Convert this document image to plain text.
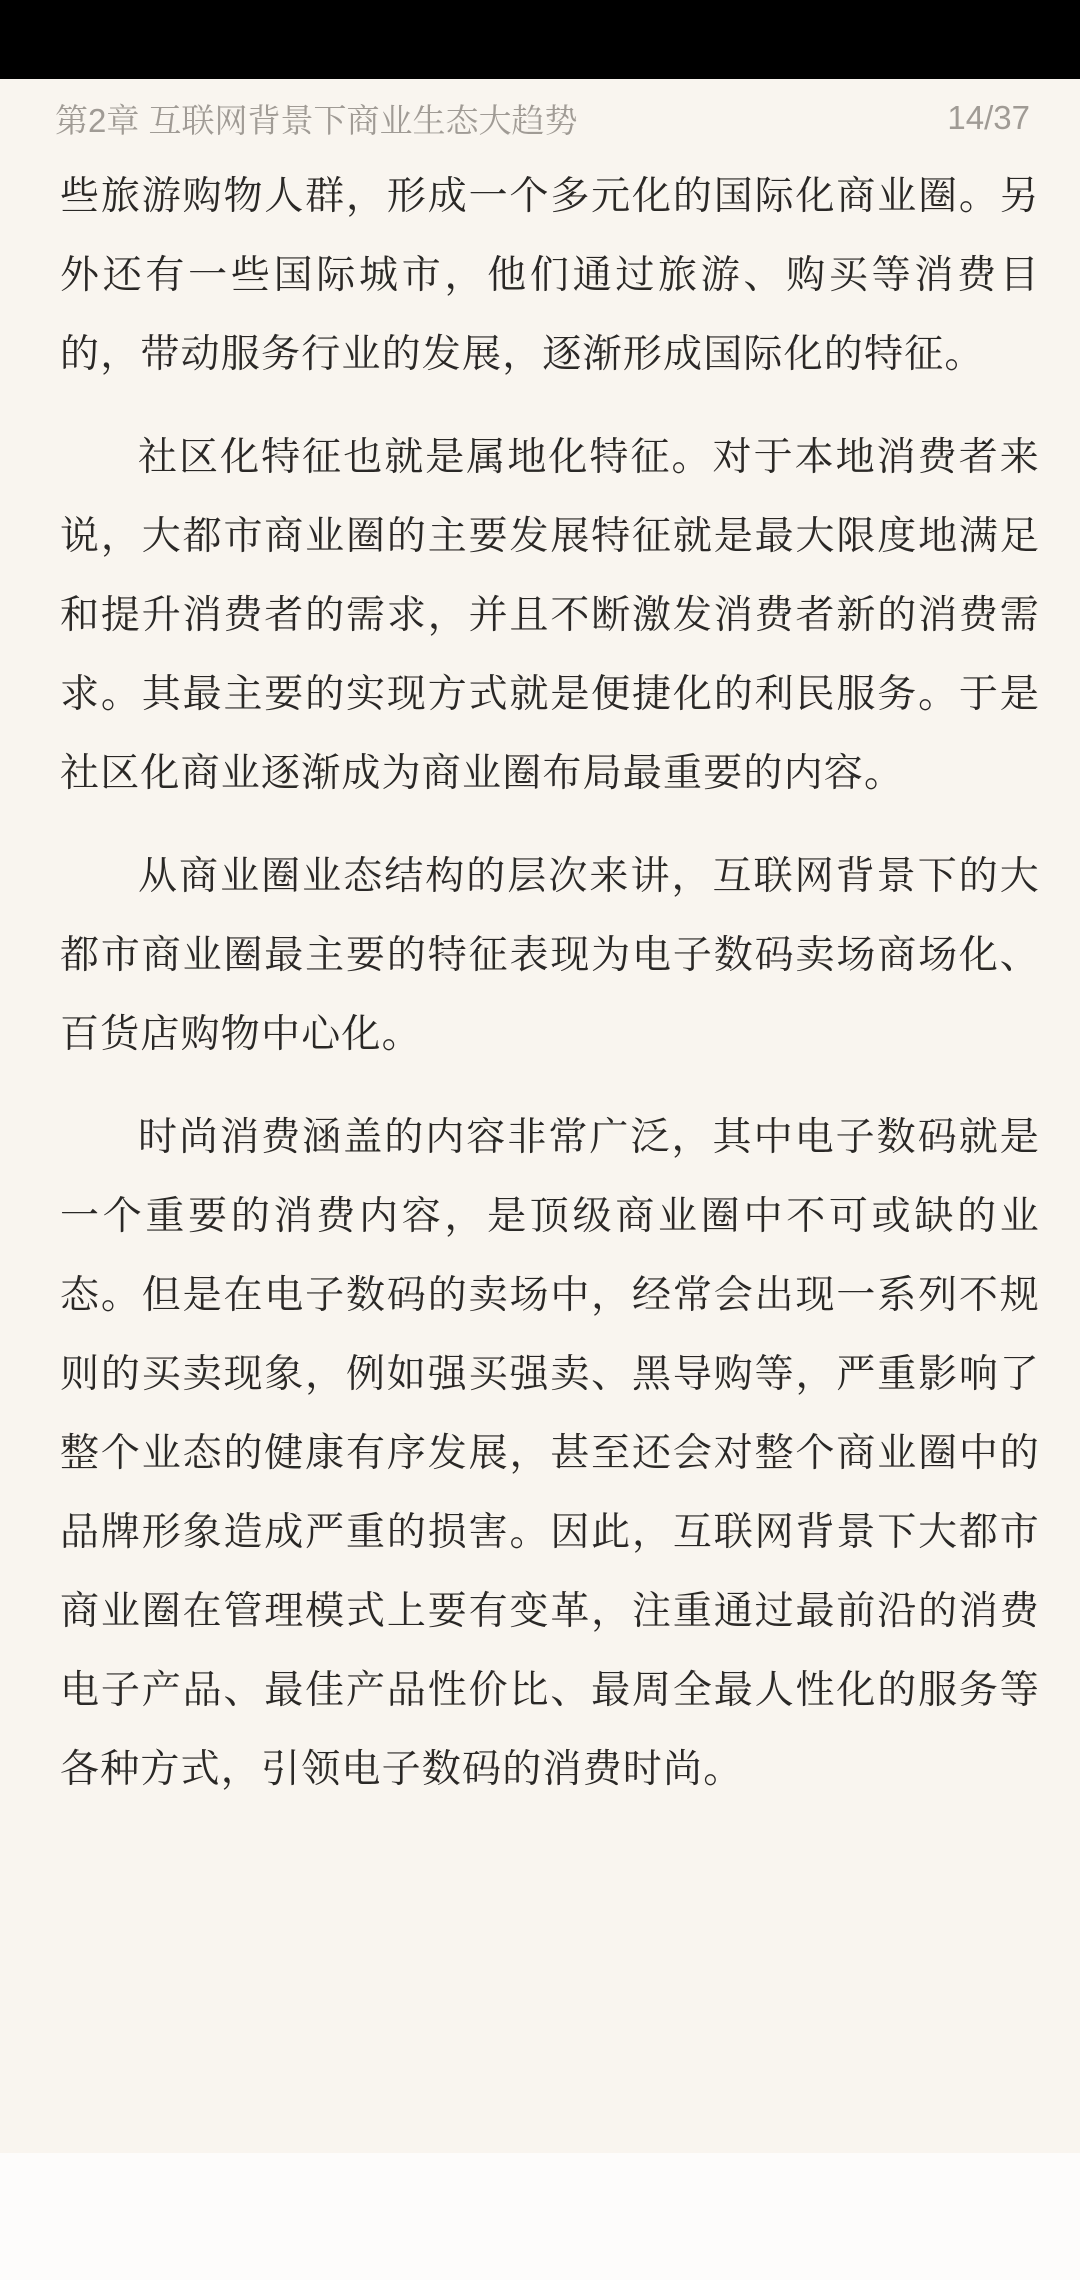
第2章 互联网背景下商业生态大趋势	14/37

些旅游购物人群，形成一个多元化的国际化商业圈。另外还有一些国际城市，他们通过旅游、购买等消费目的，带动服务行业的发展，逐渐形成国际化的特征。

社区化特征也就是属地化特征。对于本地消费者来说，大都市商业圈的主要发展特征就是最大限度地满足和提升消费者的需求，并且不断激发消费者新的消费需求。其最主要的实现方式就是便捷化的利民服务。于是社区化商业逐渐成为商业圈布局最重要的内容。

从商业圈业态结构的层次来讲，互联网背景下的大都市商业圈最主要的特征表现为电子数码卖场商场化、百货店购物中心化。

时尚消费涵盖的内容非常广泛，其中电子数码就是一个重要的消费内容，是顶级商业圈中不可或缺的业态。但是在电子数码的卖场中，经常会出现一系列不规则的买卖现象，例如强买强卖、黑导购等，严重影响了整个业态的健康有序发展，甚至还会对整个商业圈中的品牌形象造成严重的损害。因此，互联网背景下大都市商业圈在管理模式上要有变革，注重通过最前沿的消费电子产品、最佳产品性价比、最周全最人性化的服务等各种方式，引领电子数码的消费时尚。
